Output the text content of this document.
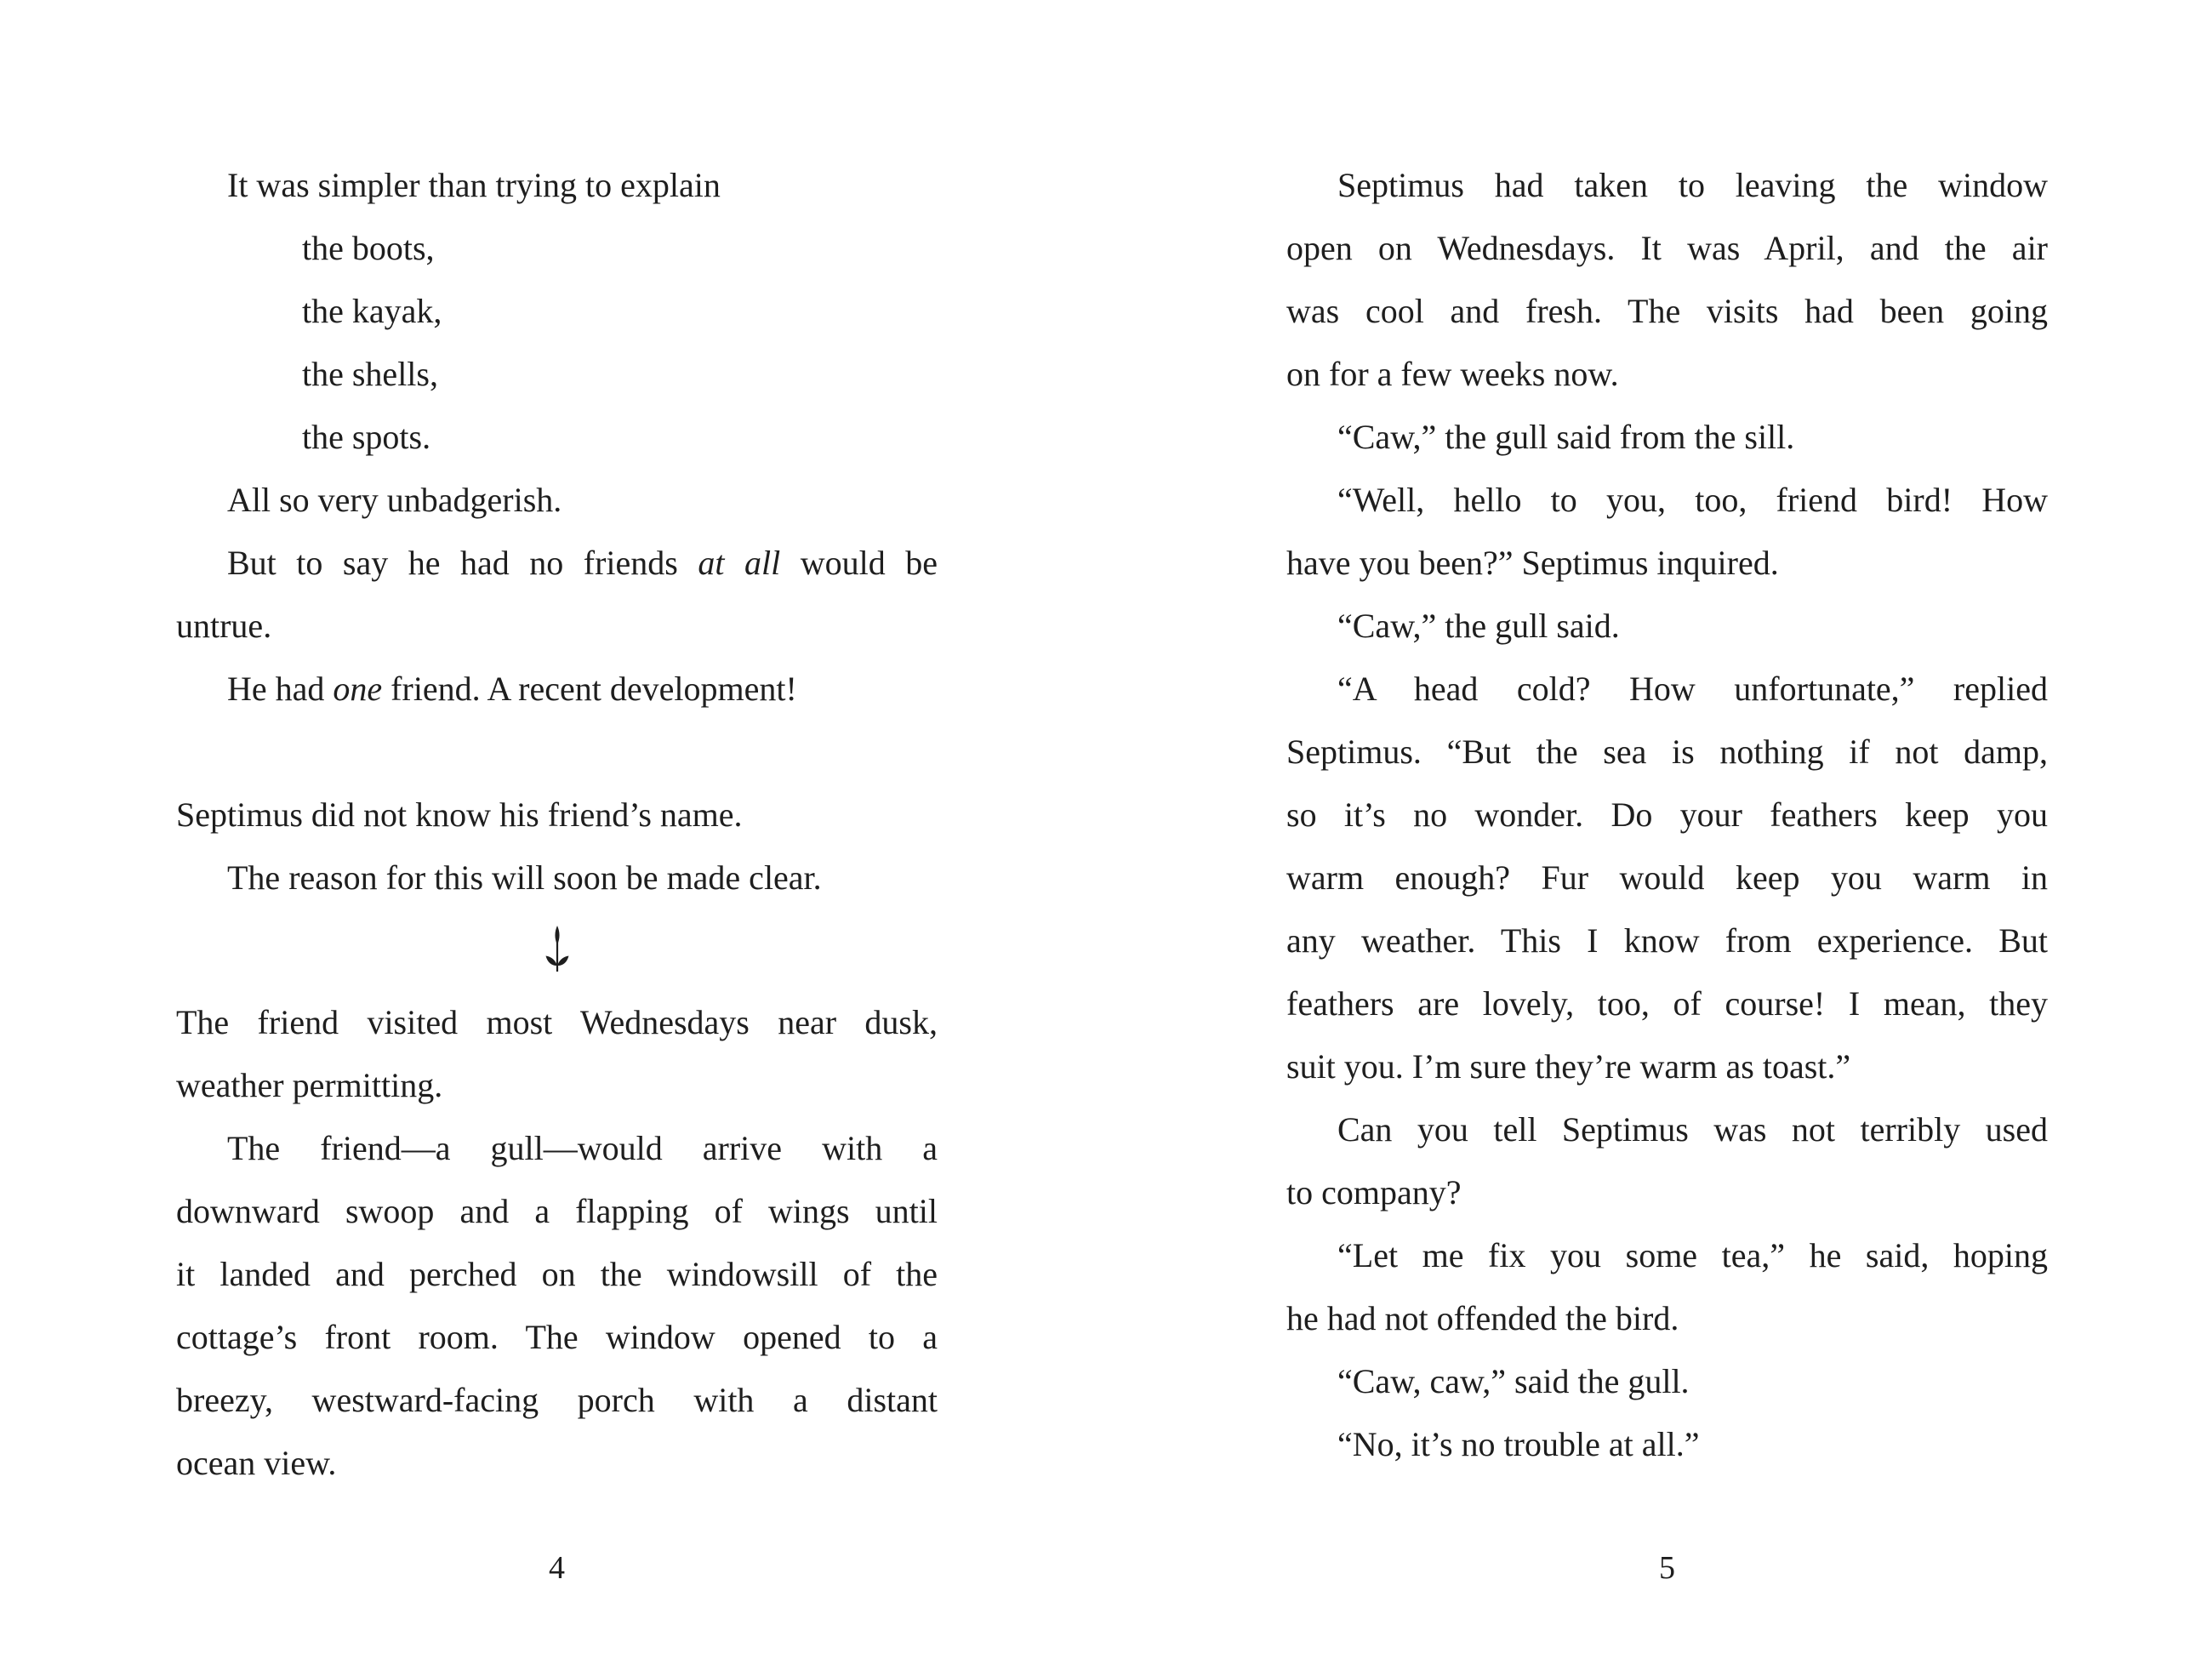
It was simpler than trying to explain
the boots,
the kayak,
the shells,
the spots.
All so very unbadgerish.
But to say he had no friends at all would be
untrue.
He had one friend. A recent development!
Septimus did not know his friend’s name.
The reason for this will soon be made clear.
The friend visited most Wednesdays near dusk,
weather permitting.
The friend—a gull—would arrive with a
downward swoop and a flapping of wings until
it landed and perched on the windowsill of the
cottage’s front room. The window opened to a
breezy, westward-facing porch with a distant
ocean view.
Septimus had taken to leaving the window
open on Wednesdays. It was April, and the air
was cool and fresh. The visits had been going
on for a few weeks now.
“Caw,” the gull said from the sill.
“Well, hello to you, too, friend bird! How
have you been?” Septimus inquired.
“Caw,” the gull said.
“A head cold? How unfortunate,” replied
Septimus. “But the sea is nothing if not damp,
so it’s no wonder. Do your feathers keep you
warm enough? Fur would keep you warm in
any weather. This I know from experience. But
feathers are lovely, too, of course! I mean, they
suit you. I’m sure they’re warm as toast.”
Can you tell Septimus was not terribly used
to company?
“Let me fix you some tea,” he said, hoping
he had not offended the bird.
“Caw, caw,” said the gull.
“No, it’s no trouble at all.”
4	5
